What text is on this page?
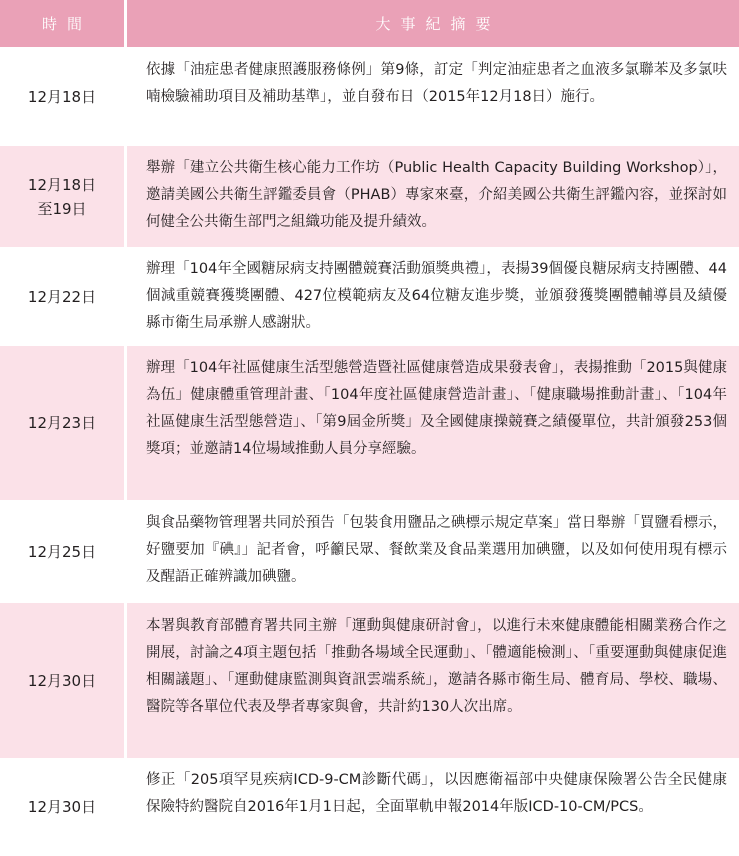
時間	大事紀摘要
12月18日
依據「油症患者健康照護服務條例」第9條，訂定「判定油症患者之血液多氯聯苯及多氯呋喃檢驗補助項目及補助基準」，並自發布日（2015年12月18日）施行。
12月18日
至19日
舉辦「建立公共衛生核心能力工作坊（Public Health Capacity Building Workshop）」，邀請美國公共衛生評鑑委員會（PHAB）專家來臺，介紹美國公共衛生評鑑內容，並探討如何健全公共衛生部門之組織功能及提升績效。
12月22日
辦理「104年全國糖尿病支持團體競賽活動頒獎典禮」，表揚39個優良糖尿病支持團體、44個減重競賽獲獎團體、427位模範病友及64位糖友進步獎，並頒發獲獎團體輔導員及績優縣市衛生局承辦人感謝狀。
12月23日
辦理「104年社區健康生活型態營造暨社區健康營造成果發表會」，表揚推動「2015與健康為伍」健康體重管理計畫、「104年度社區健康營造計畫」、「健康職場推動計畫」、「104年社區健康生活型態營造」、「第9屆金所獎」及全國健康操競賽之績優單位，共計頒發253個獎項；並邀請14位場域推動人員分享經驗。
12月25日
與食品藥物管理署共同於預告「包裝食用鹽品之碘標示規定草案」當日舉辦「買鹽看標示，好鹽要加『碘』」記者會，呼籲民眾、餐飲業及食品業選用加碘鹽，以及如何使用現有標示及醒語正確辨識加碘鹽。
12月30日
本署與教育部體育署共同主辦「運動與健康研討會」，以進行未來健康體能相關業務合作之開展，討論之4項主題包括「推動各場域全民運動」、「體適能檢測」、「重要運動與健康促進相關議題」、「運動健康監測與資訊雲端系統」，邀請各縣市衛生局、體育局、學校、職場、醫院等各單位代表及學者專家與會，共計約130人次出席。
12月30日
修正「205項罕見疾病ICD-9-CM診斷代碼」，以因應衛福部中央健康保險署公告全民健康保險特約醫院自2016年1月1日起，全面單軌申報2014年版ICD-10-CM/PCS。
